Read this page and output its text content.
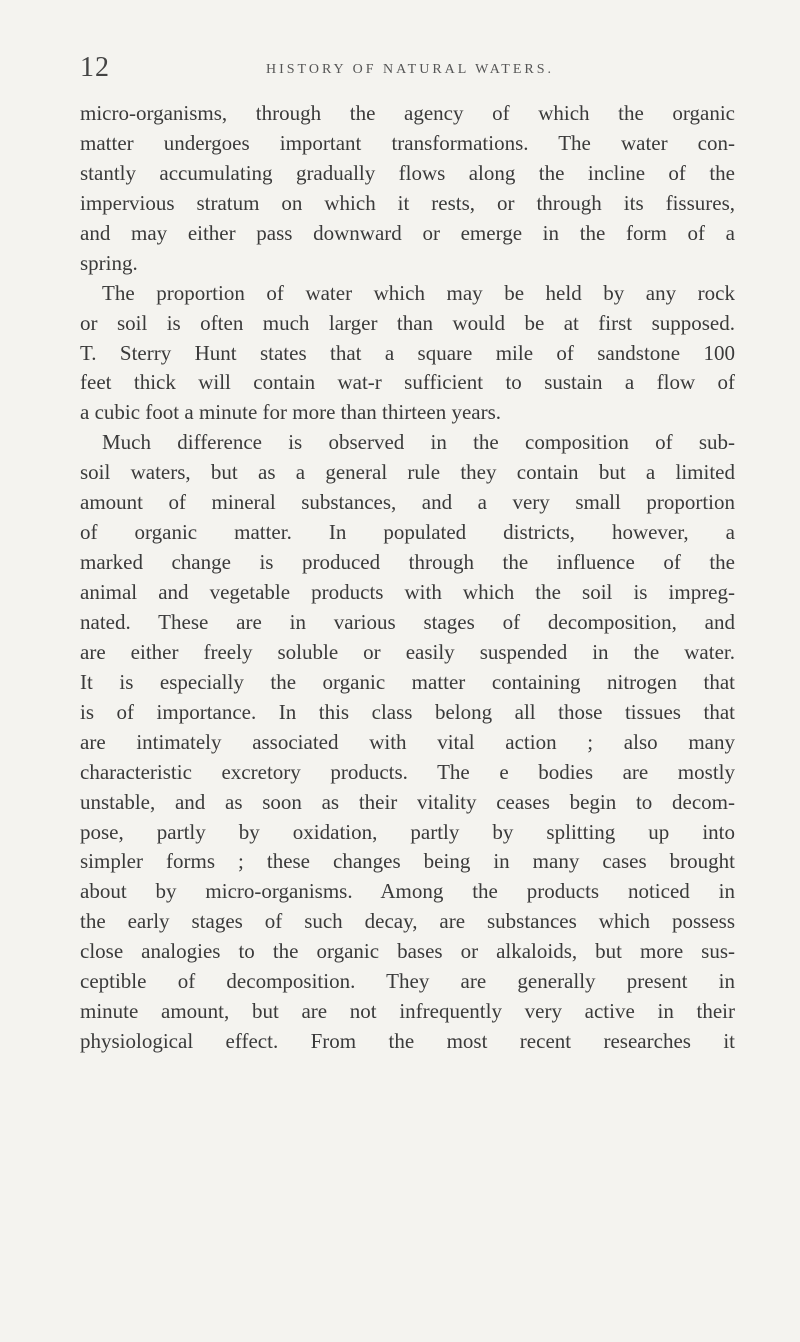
12	HISTORY OF NATURAL WATERS.
micro-organisms, through the agency of which the organic
matter undergoes important transformations. The water con-
stantly accumulating gradually flows along the incline of the
impervious stratum on which it rests, or through its fissures,
and may either pass downward or emerge in the form of a
spring.
The proportion of water which may be held by any rock
or soil is often much larger than would be at first supposed.
T. Sterry Hunt states that a square mile of sandstone 100
feet thick will contain wat-r sufficient to sustain a flow of
a cubic foot a minute for more than thirteen years.
Much difference is observed in the composition of sub-
soil waters, but as a general rule they contain but a limited
amount of mineral substances, and a very small proportion
of organic matter. In populated districts, however, a
marked change is produced through the influence of the
animal and vegetable products with which the soil is impreg-
nated. These are in various stages of decomposition, and
are either freely soluble or easily suspended in the water.
It is especially the organic matter containing nitrogen that
is of importance. In this class belong all those tissues that
are intimately associated with vital action ; also many
characteristic excretory products. The e bodies are mostly
unstable, and as soon as their vitality ceases begin to decom-
pose, partly by oxidation, partly by splitting up into
simpler forms ; these changes being in many cases brought
about by micro-organisms. Among the products noticed in
the early stages of such decay, are substances which possess
close analogies to the organic bases or alkaloids, but more sus-
ceptible of decomposition. They are generally present in
minute amount, but are not infrequently very active in their
physiological effect. From the most recent researches it
